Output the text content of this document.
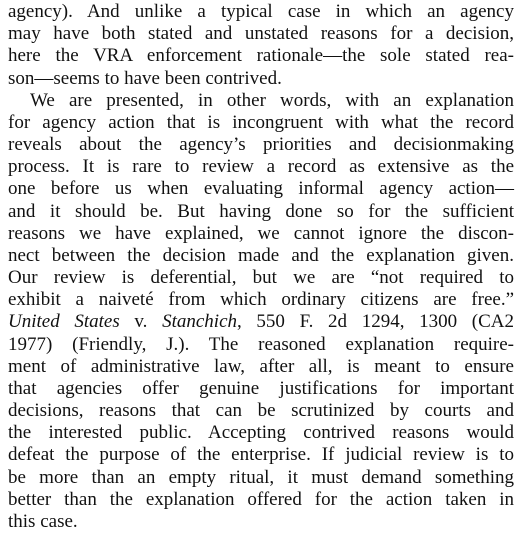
agency). And unlike a typical case in which an agency
may have both stated and unstated reasons for a decision,
here the VRA enforcement rationale—the sole stated rea-
son—seems to have been contrived.
We are presented, in other words, with an explanation
for agency action that is incongruent with what the record
reveals about the agency’s priorities and decisionmaking
process. It is rare to review a record as extensive as the
one before us when evaluating informal agency action—
and it should be. But having done so for the sufficient
reasons we have explained, we cannot ignore the discon-
nect between the decision made and the explanation given.
Our review is deferential, but we are “not required to
exhibit a naiveté from which ordinary citizens are free.”
United States v. Stanchich, 550 F. 2d 1294, 1300 (CA2
1977) (Friendly, J.). The reasoned explanation require-
ment of administrative law, after all, is meant to ensure
that agencies offer genuine justifications for important
decisions, reasons that can be scrutinized by courts and
the interested public. Accepting contrived reasons would
defeat the purpose of the enterprise. If judicial review is to
be more than an empty ritual, it must demand something
better than the explanation offered for the action taken in
this case.
